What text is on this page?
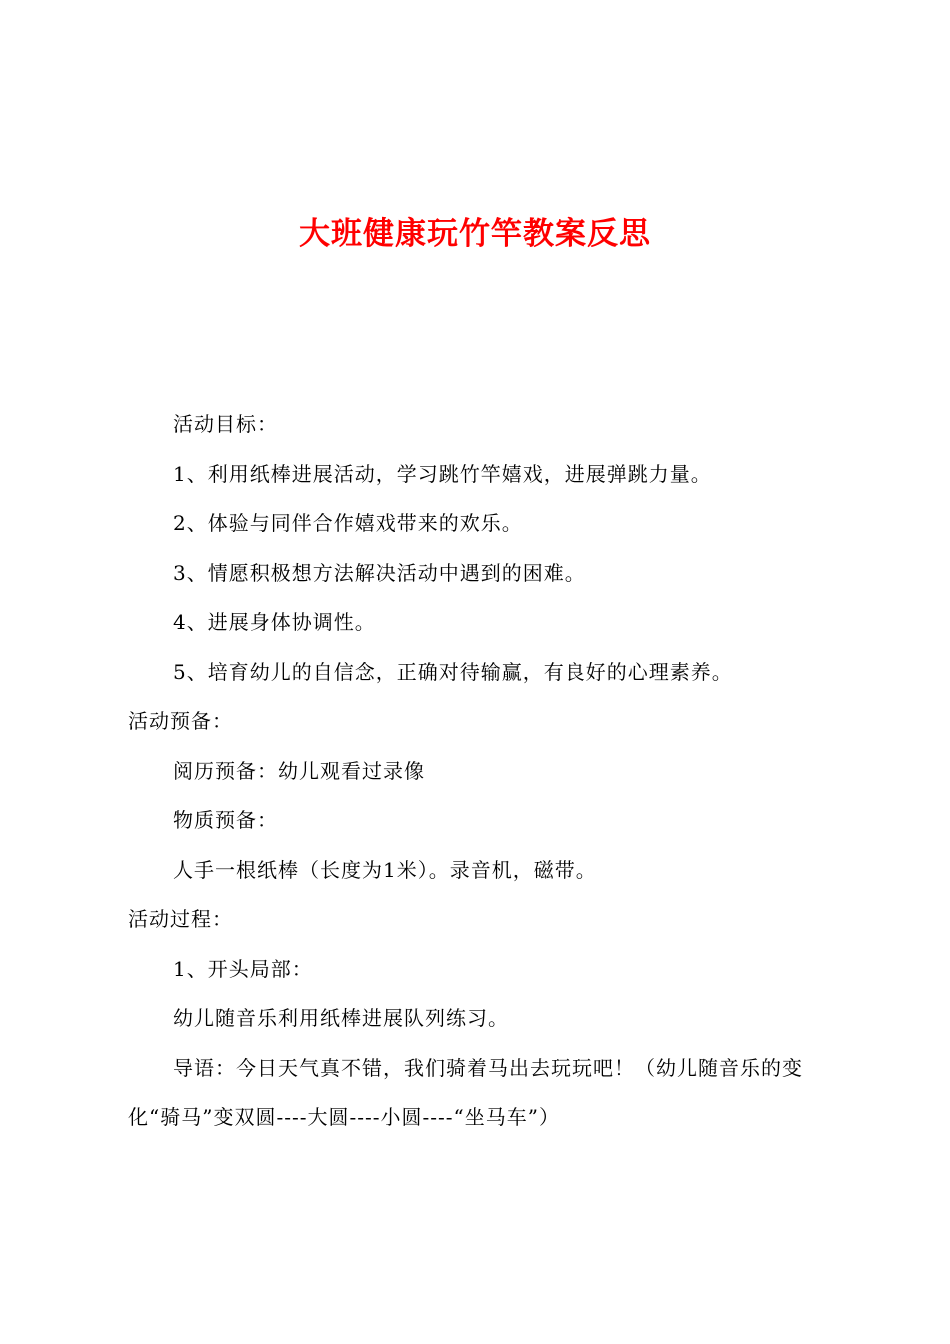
大班健康玩竹竿教案反思

活动目标：

1、利用纸棒进展活动，学习跳竹竿嬉戏，进展弹跳力量。

2、体验与同伴合作嬉戏带来的欢乐。

3、情愿积极想方法解决活动中遇到的困难。

4、进展身体协调性。

5、培育幼儿的自信念，正确对待输赢，有良好的心理素养。

活动预备：

阅历预备：幼儿观看过录像

物质预备：

人手一根纸棒（长度为1米）。录音机，磁带。

活动过程：

1、开头局部：

幼儿随音乐利用纸棒进展队列练习。

导语：今日天气真不错，我们骑着马出去玩玩吧！（幼儿随音乐的变化“骑马”变双圆----大圆----小圆----“坐马车”）
